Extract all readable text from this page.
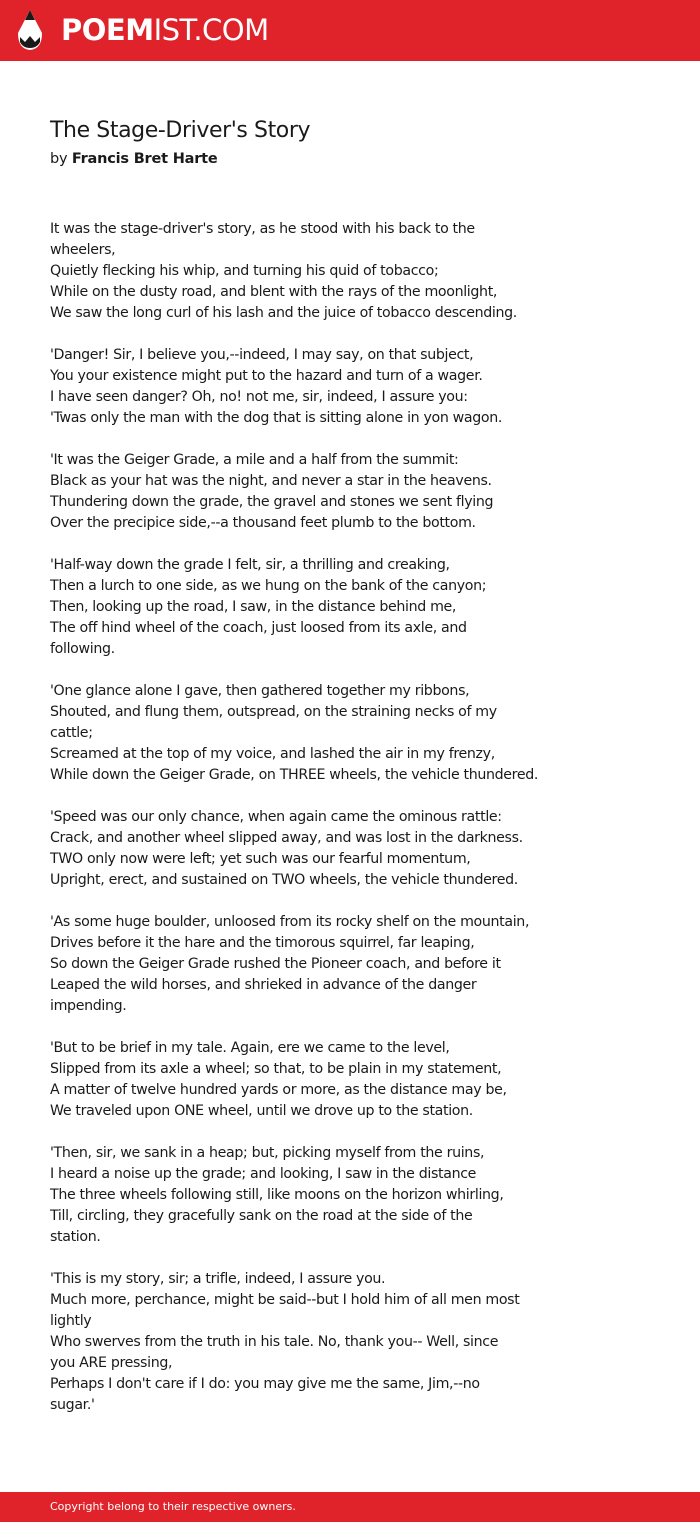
POEMIST.COM
The Stage-Driver's Story
by Francis Bret Harte
It was the stage-driver's story, as he stood with his back to the
wheelers,
Quietly flecking his whip, and turning his quid of tobacco;
While on the dusty road, and blent with the rays of the moonlight,
We saw the long curl of his lash and the juice of tobacco descending.
'Danger! Sir, I believe you,--indeed, I may say, on that subject,
You your existence might put to the hazard and turn of a wager.
I have seen danger? Oh, no! not me, sir, indeed, I assure you:
'Twas only the man with the dog that is sitting alone in yon wagon.
'It was the Geiger Grade, a mile and a half from the summit:
Black as your hat was the night, and never a star in the heavens.
Thundering down the grade, the gravel and stones we sent flying
Over the precipice side,--a thousand feet plumb to the bottom.
'Half-way down the grade I felt, sir, a thrilling and creaking,
Then a lurch to one side, as we hung on the bank of the canyon;
Then, looking up the road, I saw, in the distance behind me,
The off hind wheel of the coach, just loosed from its axle, and
following.
'One glance alone I gave, then gathered together my ribbons,
Shouted, and flung them, outspread, on the straining necks of my
cattle;
Screamed at the top of my voice, and lashed the air in my frenzy,
While down the Geiger Grade, on THREE wheels, the vehicle thundered.
'Speed was our only chance, when again came the ominous rattle:
Crack, and another wheel slipped away, and was lost in the darkness.
TWO only now were left; yet such was our fearful momentum,
Upright, erect, and sustained on TWO wheels, the vehicle thundered.
'As some huge boulder, unloosed from its rocky shelf on the mountain,
Drives before it the hare and the timorous squirrel, far leaping,
So down the Geiger Grade rushed the Pioneer coach, and before it
Leaped the wild horses, and shrieked in advance of the danger
impending.
'But to be brief in my tale. Again, ere we came to the level,
Slipped from its axle a wheel; so that, to be plain in my statement,
A matter of twelve hundred yards or more, as the distance may be,
We traveled upon ONE wheel, until we drove up to the station.
'Then, sir, we sank in a heap; but, picking myself from the ruins,
I heard a noise up the grade; and looking, I saw in the distance
The three wheels following still, like moons on the horizon whirling,
Till, circling, they gracefully sank on the road at the side of the
station.
'This is my story, sir; a trifle, indeed, I assure you.
Much more, perchance, might be said--but I hold him of all men most
lightly
Who swerves from the truth in his tale. No, thank you-- Well, since
you ARE pressing,
Perhaps I don't care if I do: you may give me the same, Jim,--no
sugar.'
Copyright belong to their respective owners.
